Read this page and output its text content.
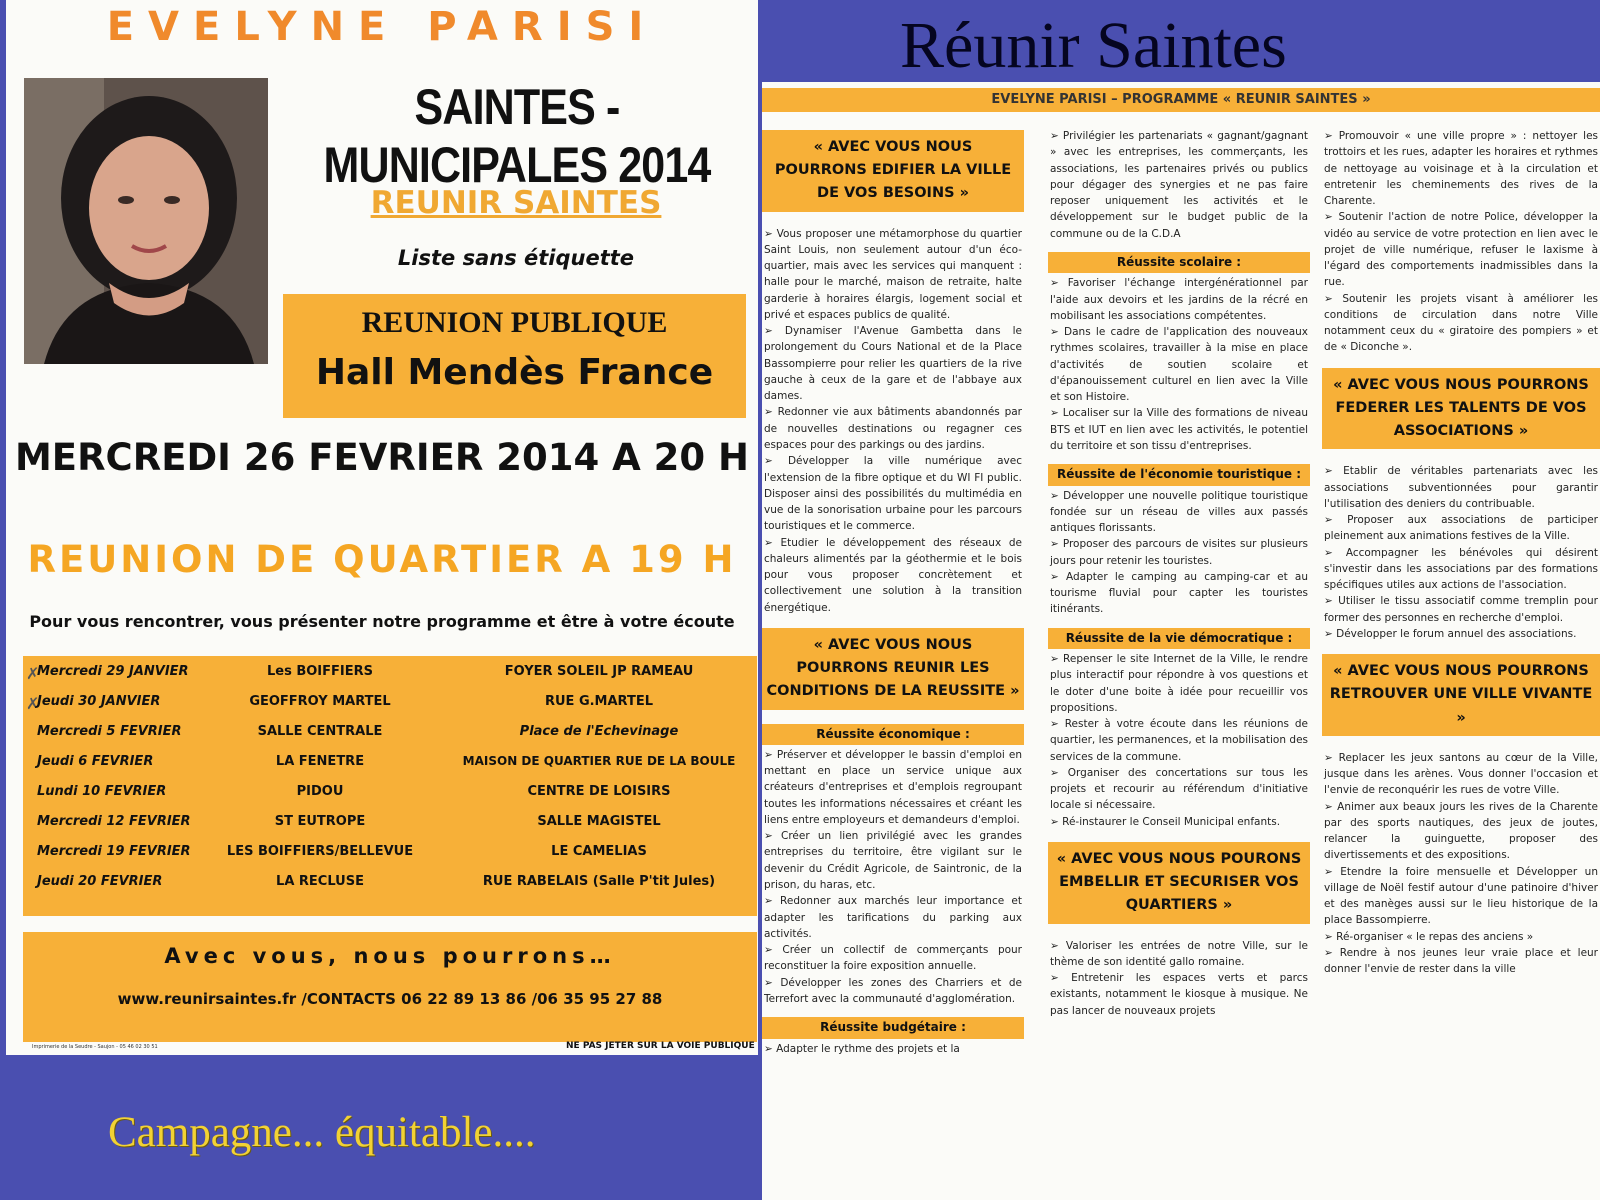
EVELYNE PARISI
SAINTES - MUNICIPALES 2014
REUNIR SAINTES
Liste sans étiquette
REUNION PUBLIQUE
Hall Mendès France
MERCREDI 26 FEVRIER 2014 A 20 H
REUNION DE QUARTIER A 19 H
Pour vous rencontrer, vous présenter notre programme et être à votre écoute
✗
Mercredi 29 JANVIER	Les BOIFFIERS	FOYER SOLEIL JP RAMEAU
✗
Jeudi 30 JANVIER	GEOFFROY MARTEL	RUE G.MARTEL
Mercredi 5 FEVRIER	SALLE CENTRALE	Place de l'Echevinage
Jeudi 6 FEVRIER	LA FENETRE	MAISON DE QUARTIER RUE DE LA BOULE
Lundi 10 FEVRIER	PIDOU	CENTRE DE LOISIRS
Mercredi 12 FEVRIER	ST EUTROPE	SALLE MAGISTEL
Mercredi 19 FEVRIER	LES BOIFFIERS/BELLEVUE	LE CAMELIAS
Jeudi 20 FEVRIER	LA RECLUSE	RUE RABELAIS (Salle P'tit Jules)
Avec vous, nous pourrons…
www.reunirsaintes.fr /CONTACTS 06 22 89 13 86 /06 35 95 27 88
Imprimerie de la Seudre - Saujon - 05 46 02 30 51	NE PAS JETER SUR LA VOIE PUBLIQUE
Réunir Saintes
Campagne... équitable....
EVELYNE PARISI – PROGRAMME « REUNIR SAINTES »
« AVEC VOUS NOUS POURRONS EDIFIER LA VILLE DE VOS BESOINS »

➢ Vous proposer une métamorphose du quartier Saint Louis, non seulement autour d'un éco-quartier, mais avec les services qui manquent : halle pour le marché, maison de retraite, halte garderie à horaires élargis, logement social et privé et espaces publics de qualité.

➢ Dynamiser l'Avenue Gambetta dans le prolongement du Cours National et de la Place Bassompierre pour relier les quartiers de la rive gauche à ceux de la gare et de l'abbaye aux dames.

➢ Redonner vie aux bâtiments abandonnés par de nouvelles destinations ou regagner ces espaces pour des parkings ou des jardins.

➢ Développer la ville numérique avec l'extension de la fibre optique et du WI FI public. Disposer ainsi des possibilités du multimédia en vue de la sonorisation urbaine pour les parcours touristiques et le commerce.

➢ Etudier le développement des réseaux de chaleurs alimentés par la géothermie et le bois pour vous proposer concrètement et collectivement une solution à la transition énergétique.

« AVEC VOUS NOUS POURRONS REUNIR LES CONDITIONS DE LA REUSSITE »
Réussite économique :

➢ Préserver et développer le bassin d'emploi en mettant en place un service unique aux créateurs d'entreprises et d'emplois regroupant toutes les informations nécessaires et créant les liens entre employeurs et demandeurs d'emploi.

➢ Créer un lien privilégié avec les grandes entreprises du territoire, être vigilant sur le devenir du Crédit Agricole, de Saintronic, de la prison, du haras, etc.

➢ Redonner aux marchés leur importance et adapter les tarifications du parking aux activités.

➢ Créer un collectif de commerçants pour reconstituer la foire exposition annuelle.

➢ Développer les zones des Charriers et de Terrefort avec la communauté d'agglomération.

Réussite budgétaire :

➢ Adapter le rythme des projets et la

➢ Privilégier les partenariats « gagnant/gagnant » avec les entreprises, les commerçants, les associations, les partenaires privés ou publics pour dégager des synergies et ne pas faire reposer uniquement les activités et le développement sur le budget public de la commune ou de la C.D.A

Réussite scolaire :

➢ Favoriser l'échange intergénérationnel par l'aide aux devoirs et les jardins de la récré en mobilisant les associations compétentes.

➢ Dans le cadre de l'application des nouveaux rythmes scolaires, travailler à la mise en place d'activités de soutien scolaire et d'épanouissement culturel en lien avec la Ville et son Histoire.

➢ Localiser sur la Ville des formations de niveau BTS et IUT en lien avec les activités, le potentiel du territoire et son tissu d'entreprises.

Réussite de l'économie touristique :

➢ Développer une nouvelle politique touristique fondée sur un réseau de villes aux passés antiques florissants.

➢ Proposer des parcours de visites sur plusieurs jours pour retenir les touristes.

➢ Adapter le camping au camping-car et au tourisme fluvial pour capter les touristes itinérants.

Réussite de la vie démocratique :

➢ Repenser le site Internet de la Ville, le rendre plus interactif pour répondre à vos questions et le doter d'une boite à idée pour recueillir vos propositions.

➢ Rester à votre écoute dans les réunions de quartier, les permanences, et la mobilisation des services de la commune.

➢ Organiser des concertations sur tous les projets et recourir au référendum d'initiative locale si nécessaire.

➢ Ré-instaurer le Conseil Municipal enfants.

« AVEC VOUS NOUS POURONS EMBELLIR ET SECURISER VOS QUARTIERS »

➢ Valoriser les entrées de notre Ville, sur le thème de son identité gallo romaine.

➢ Entretenir les espaces verts et parcs existants, notamment le kiosque à musique. Ne pas lancer de nouveaux projets

➢ Promouvoir « une ville propre » : nettoyer les trottoirs et les rues, adapter les horaires et rythmes de nettoyage au voisinage et à la circulation et entretenir les cheminements des rives de la Charente.

➢ Soutenir l'action de notre Police, développer la vidéo au service de votre protection en lien avec le projet de ville numérique, refuser le laxisme à l'égard des comportements inadmissibles dans la rue.

➢ Soutenir les projets visant à améliorer les conditions de circulation dans notre Ville notamment ceux du « giratoire des pompiers » et de « Diconche ».

« AVEC VOUS NOUS POURRONS FEDERER LES TALENTS DE VOS ASSOCIATIONS »

➢ Etablir de véritables partenariats avec les associations subventionnées pour garantir l'utilisation des deniers du contribuable.

➢ Proposer aux associations de participer pleinement aux animations festives de la Ville.

➢ Accompagner les bénévoles qui désirent s'investir dans les associations par des formations spécifiques utiles aux actions de l'association.

➢ Utiliser le tissu associatif comme tremplin pour former des personnes en recherche d'emploi.

➢ Développer le forum annuel des associations.

« AVEC VOUS NOUS POURRONS RETROUVER UNE VILLE VIVANTE »

➢ Replacer les jeux santons au cœur de la Ville, jusque dans les arènes. Vous donner l'occasion et l'envie de reconquérir les rues de votre Ville.

➢ Animer aux beaux jours les rives de la Charente par des sports nautiques, des jeux de joutes, relancer la guinguette, proposer des divertissements et des expositions.

➢ Etendre la foire mensuelle et Développer un village de Noël festif autour d'une patinoire d'hiver et des manèges aussi sur le lieu historique de la place Bassompierre.

➢ Ré-organiser « le repas des anciens »

➢ Rendre à nos jeunes leur vraie place et leur donner l'envie de rester dans la ville
